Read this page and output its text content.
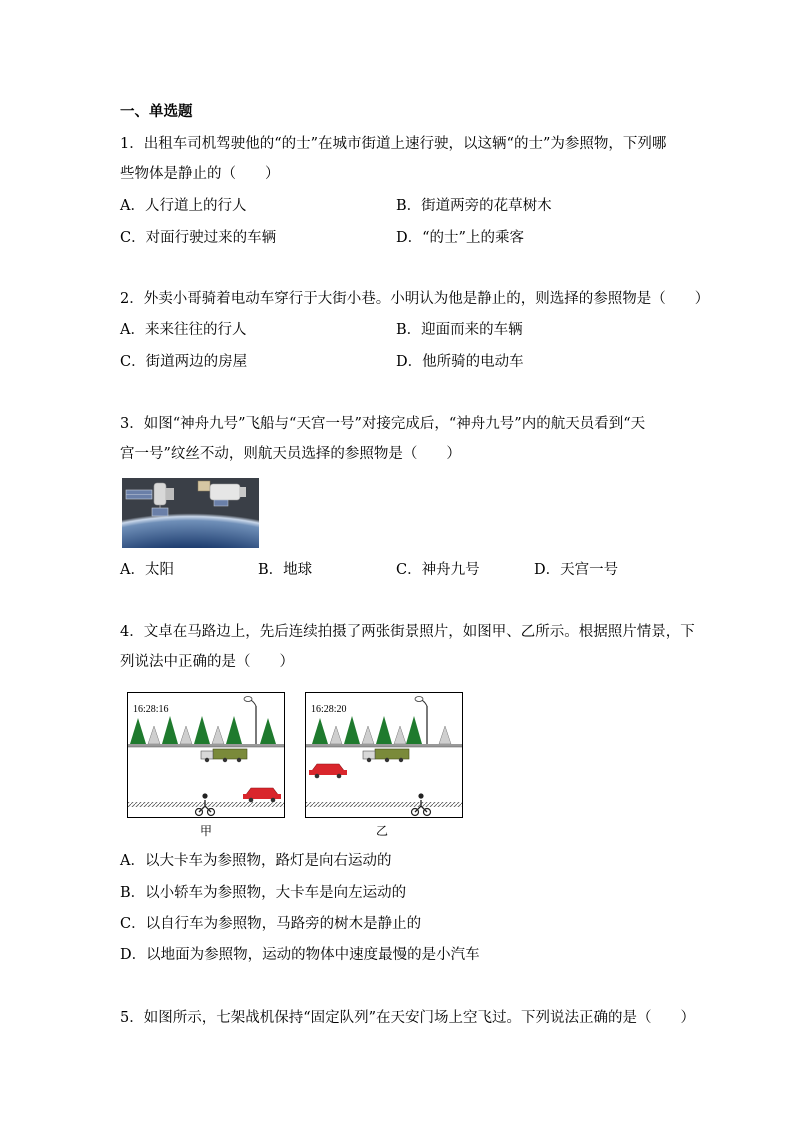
一、单选题
1．出租车司机驾驶他的“的士”在城市街道上速行驶，以这辆“的士”为参照物，下列哪
些物体是静止的（　　）
A．人行道上的行人	B．街道两旁的花草树木
C．对面行驶过来的车辆	D．“的士”上的乘客
2．外卖小哥骑着电动车穿行于大街小巷。小明认为他是静止的，则选择的参照物是（　　）
A．来来往往的行人	B．迎面而来的车辆
C．街道两边的房屋	D．他所骑的电动车
3．如图“神舟九号”飞船与“天宫一号”对接完成后，“神舟九号”内的航天员看到“天
宫一号”纹丝不动，则航天员选择的参照物是（　　）
A．太阳	B．地球	C．神舟九号	D．天宫一号
4．文卓在马路边上，先后连续拍摄了两张街景照片，如图甲、乙所示。根据照片情景，下
列说法中正确的是（　　）
16:28:16
甲
16:28:20
乙
A．以大卡车为参照物，路灯是向右运动的
B．以小轿车为参照物，大卡车是向左运动的
C．以自行车为参照物，马路旁的树木是静止的
D．以地面为参照物，运动的物体中速度最慢的是小汽车
5．如图所示，七架战机保持“固定队列”在天安门场上空飞过。下列说法正确的是（　　）
